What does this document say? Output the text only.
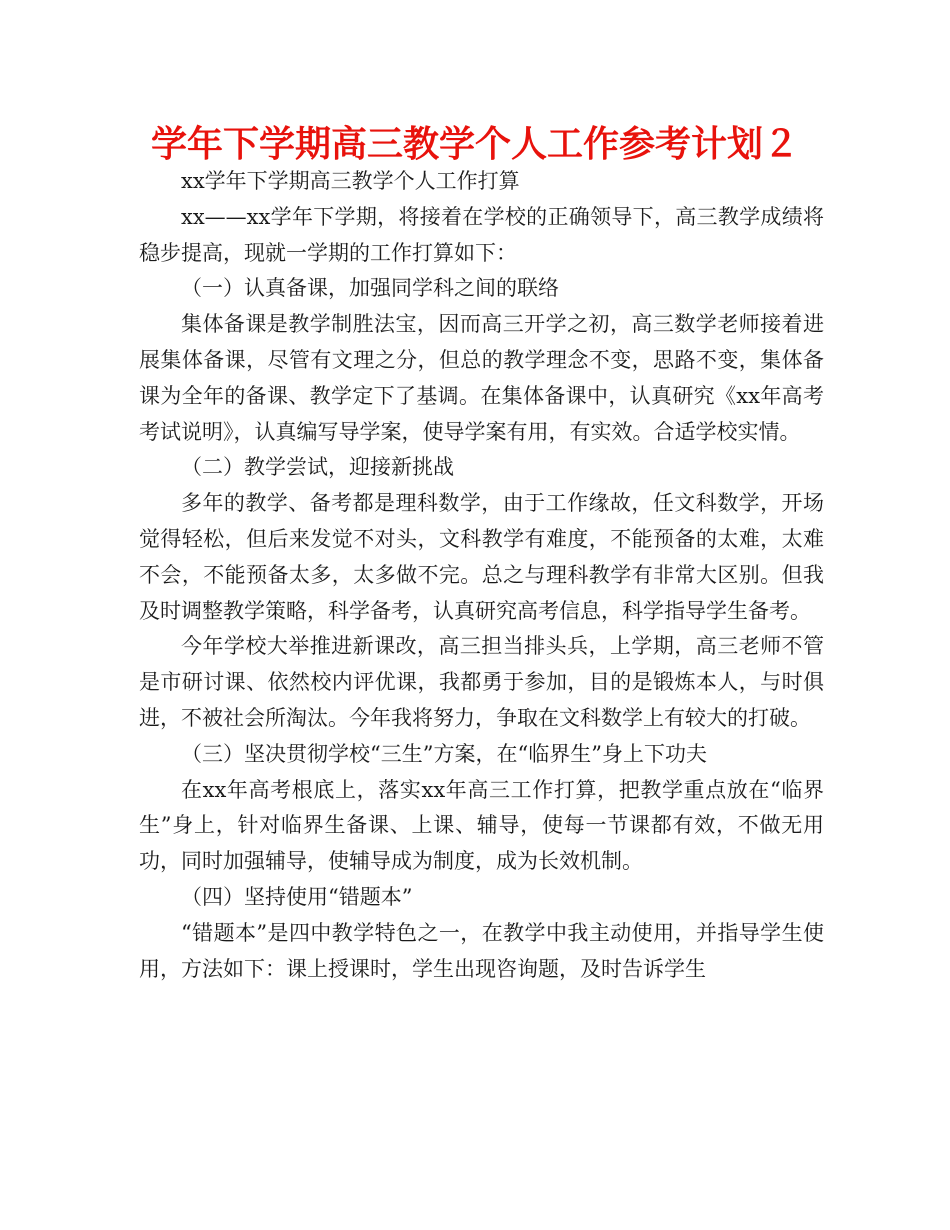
学年下学期高三教学个人工作参考计划２

xx学年下学期高三教学个人工作打算

xx——xx学年下学期，将接着在学校的正确领导下，高三教学成绩将稳步提高，现就一学期的工作打算如下：

（一）认真备课，加强同学科之间的联络

集体备课是教学制胜法宝，因而高三开学之初，高三数学老师接着进展集体备课，尽管有文理之分，但总的教学理念不变，思路不变，集体备课为全年的备课、教学定下了基调。在集体备课中，认真研究《xx年高考考试说明》，认真编写导学案，使导学案有用，有实效。合适学校实情。

（二）教学尝试，迎接新挑战

多年的教学、备考都是理科数学，由于工作缘故，任文科数学，开场觉得轻松，但后来发觉不对头，文科教学有难度，不能预备的太难，太难不会，不能预备太多，太多做不完。总之与理科教学有非常大区别。但我及时调整教学策略，科学备考，认真研究高考信息，科学指导学生备考。

今年学校大举推进新课改，高三担当排头兵，上学期，高三老师不管是市研讨课、依然校内评优课，我都勇于参加，目的是锻炼本人，与时俱进，不被社会所淘汰。今年我将努力，争取在文科数学上有较大的打破。

（三）坚决贯彻学校“三生”方案，在“临界生”身上下功夫

在xx年高考根底上，落实xx年高三工作打算，把教学重点放在“临界生”身上，针对临界生备课、上课、辅导，使每一节课都有效，不做无用功，同时加强辅导，使辅导成为制度，成为长效机制。

（四）坚持使用“错题本”

“错题本”是四中教学特色之一，在教学中我主动使用，并指导学生使用，方法如下：课上授课时，学生出现咨询题，及时告诉学生
